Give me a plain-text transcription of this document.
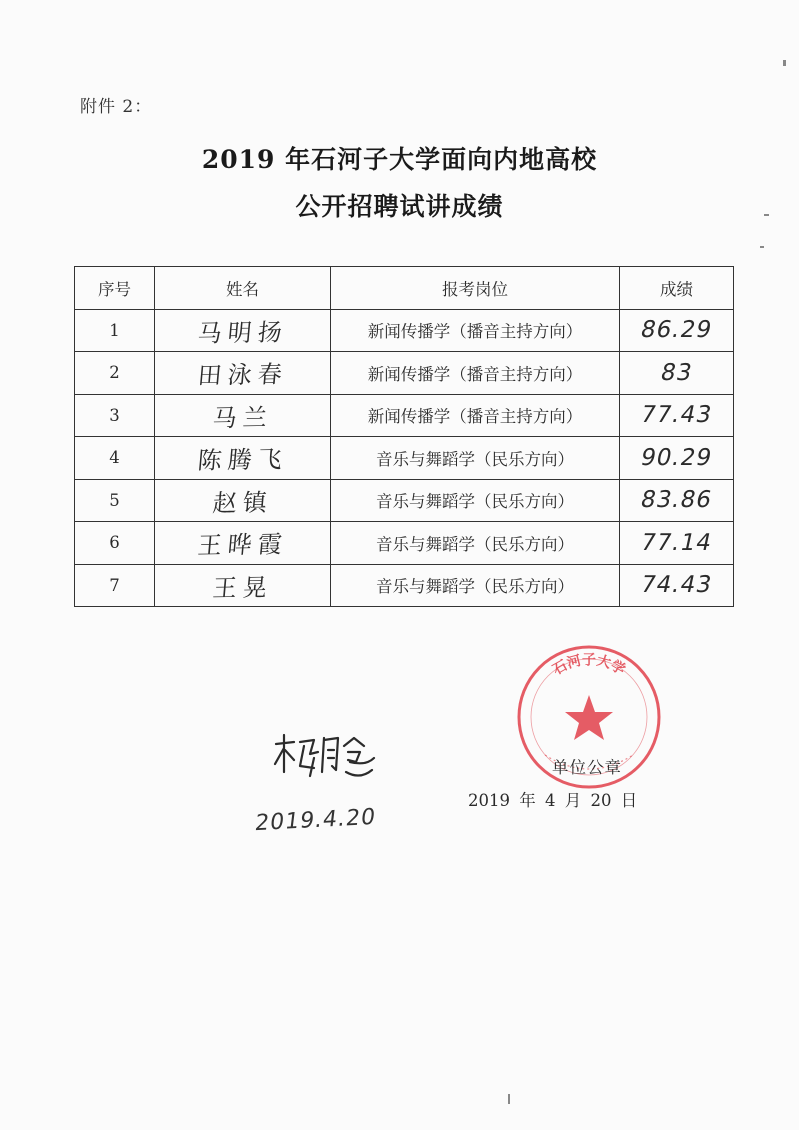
附件 2：
2019 年石河子大学面向内地高校
公开招聘试讲成绩
序号	姓名	报考岗位	成绩
1	马明扬	新闻传播学（播音主持方向）	86.29
2	田泳春	新闻传播学（播音主持方向）	83
3	马兰	新闻传播学（播音主持方向）	77.43
4	陈腾飞	音乐与舞蹈学（民乐方向）	90.29
5	赵镇	音乐与舞蹈学（民乐方向）	83.86
6	王晔霞	音乐与舞蹈学（民乐方向）	77.14
7	王晃	音乐与舞蹈学（民乐方向）	74.43
石河子大学
单位公章
2019 年 4 月 20 日
2019.4.20
